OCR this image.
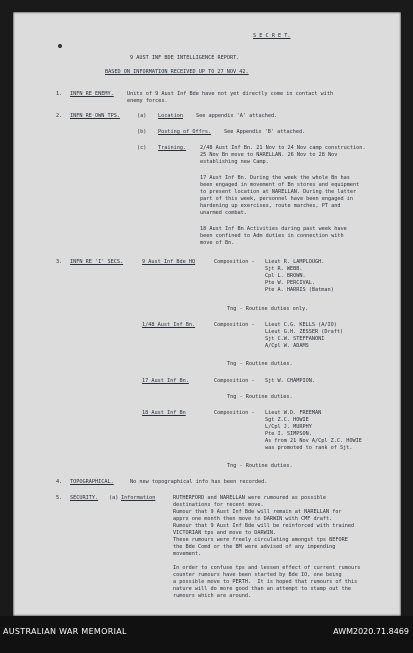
S E C R E T.
9 AUST INF BDE INTELLIGENCE REPORT.
BASED ON INFORMATION RECEIVED UP TO 27 NOV 42.
1. INFN RE ENEMY.	Units of 9 Aust Inf Bde have not yet directly come in contact with
enemy forces.
2. INFN RE OWN TPS.	(a) Location	See appendix 'A' attached.
(b) Posting of Offrs. See Appendix 'B' attached.
(c) Training.	2/48 Aust Inf Bn. 21 Nov to 24 Nov camp construction.
25 Nov Bn move to NARELLAN. 26 Nov to 28 Nov
establishing new Camp.
17 Aust Inf Bn. During the week the whole Bn has
been engaged in movement of Bn stores and equipment
to present location at NARELLAN. During the latter
part of this week, personnel have been engaged in
hardening up exercises, route marches, PT and
unarmed combat.
18 Aust Inf Bn Activities during past week have
been confined to Adm duties in connection with
move of Bn.
3. INFN RE 'I' SECS.	9 Aust Inf Bde HQ	Composition - Lieut R. LAMPLOUGH.
Sjt R. WEBB.
Cpl L. BROWN.
Pte W. PERCIVAL.
Pte A. HARRIS (Batman)
Tng - Routine duties only.
1/48 Aust Inf Bn.	Composition - Lieut C.G. KELLS (A/IO)
Lieut G.H. ZESSER (Draft)
Sjt C.W. STEFFANONI
A/Cpl W. ADAMS
Tng - Routine duties.
17 Aust Inf Bn.	Composition - Sjt W. CHAMPION.
Tng - Routine duties.
18 Aust Inf Bn	Composition - Lieut W.D. FREEMAN
Sgt Z.C. HOWIE
L/Cpl J. MURPHY
Pte I. SIMPSON.
As from 21 Nov A/Cpl Z.C. HOWIE
was promoted to rank of Sjt.
Tng - Routine duties.
4. TOPOGRAPHICAL.	No new topographical info has been recorded.
5. SECURITY. (a) Information	RUTHERFORD and NARELLAN were rumoured as possible
destinations for recent move.
Rumour that 9 Aust Inf Bde will remain at NARELLAN for
apprx one month then move to DARWIN with CMF draft.
Rumour that 9 Aust Inf Bde will be reinforced with trained
VICTORIAN tps and move to DARWIN.
These rumours were freely circulating amongst tps BEFORE
the Bde Comd or the BM were advised of any impending
movement.
In order to confuse tps and lessen effect of current rumours
counter rumours have been started by Bde IO, one being
a possible move to PERTH.  It is hoped that rumours of this
nature will do more good than an attempt to stamp out the
rumours which are around.
AUSTRALIAN WAR MEMORIAL	AWM2020.71.8469
